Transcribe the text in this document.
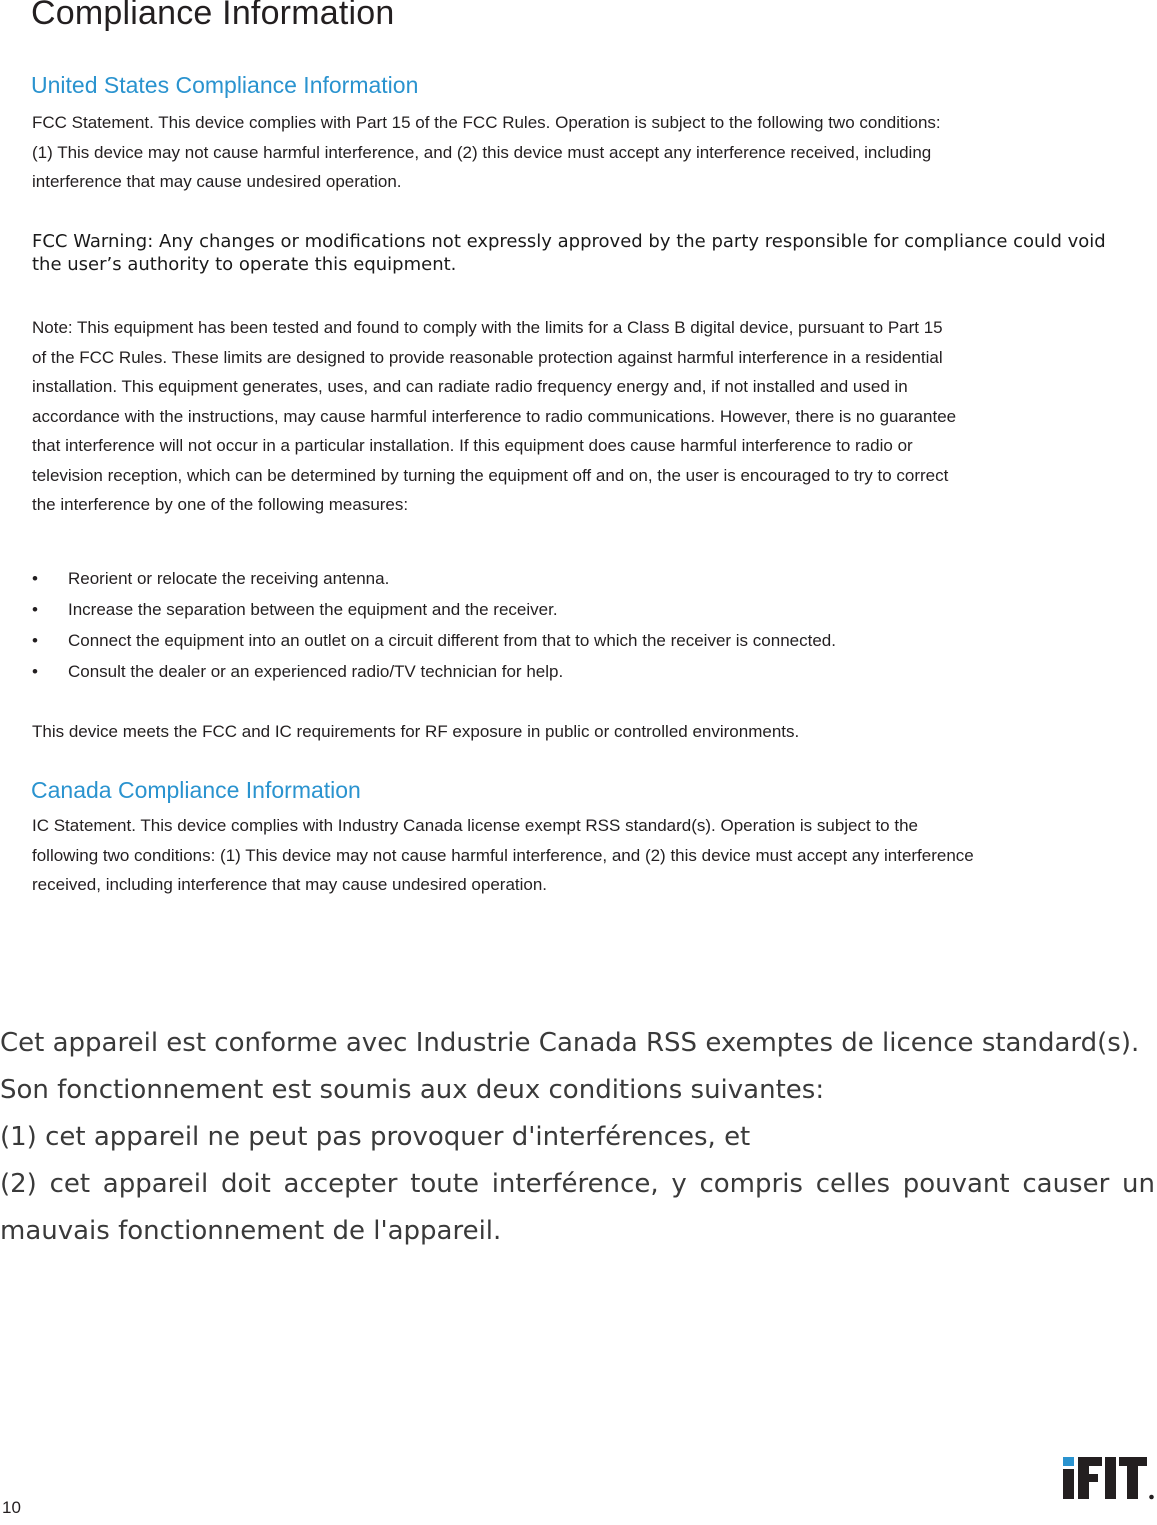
Compliance Information
United States Compliance Information

FCC Statement. This device complies with Part 15 of the FCC Rules. Operation is subject to the following two conditions:
(1) This device may not cause harmful interference, and (2) this device must accept any interference received, including
interference that may cause undesired operation.

FCC Warning: Any changes or modifications not expressly approved by the party responsible for compliance could void
the user’s authority to operate this equipment.

Note: This equipment has been tested and found to comply with the limits for a Class B digital device, pursuant to Part 15
of the FCC Rules. These limits are designed to provide reasonable protection against harmful interference in a residential
installation. This equipment generates, uses, and can radiate radio frequency energy and, if not installed and used in
accordance with the instructions, may cause harmful interference to radio communications. However, there is no guarantee
that interference will not occur in a particular installation. If this equipment does cause harmful interference to radio or
television reception, which can be determined by turning the equipment off and on, the user is encouraged to try to correct
the interference by one of the following measures:

•	Reorient or relocate the receiving antenna.
•	Increase the separation between the equipment and the receiver.
•	Connect the equipment into an outlet on a circuit different from that to which the receiver is connected.
•	Consult the dealer or an experienced radio/TV technician for help.

This device meets the FCC and IC requirements for RF exposure in public or controlled environments.

Canada Compliance Information

IC Statement. This device complies with Industry Canada license exempt RSS standard(s). Operation is subject to the
following two conditions: (1) This device may not cause harmful interference, and (2) this device must accept any interference
received, including interference that may cause undesired operation.

Cet appareil est conforme avec Industrie Canada RSS exemptes de licence standard(s).
Son fonctionnement est soumis aux deux conditions suivantes:
(1) cet appareil ne peut pas provoquer d'interférences, et
(2) cet appareil doit accepter toute interférence, y compris celles pouvant causer un
mauvais fonctionnement de l'appareil.
10
